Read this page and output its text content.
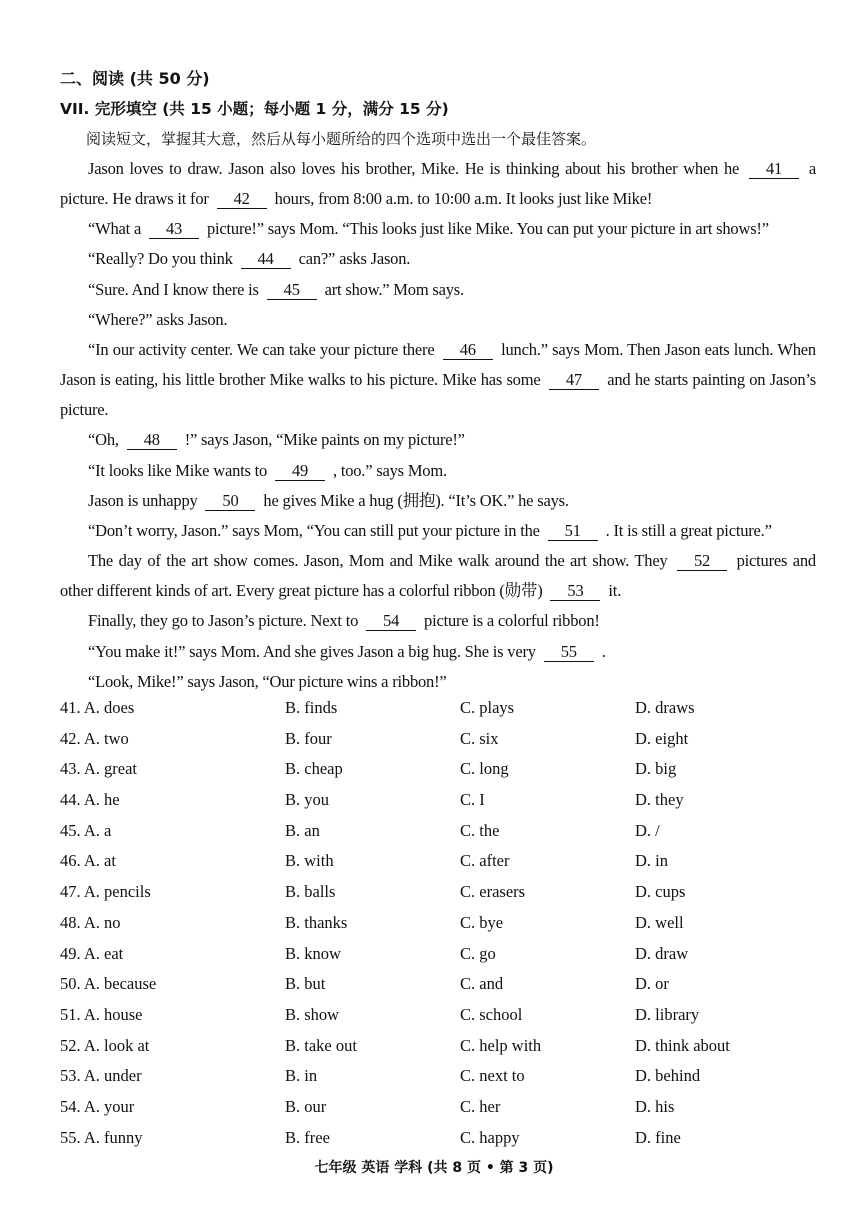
二、阅读 (共 50 分)
VII. 完形填空 (共 15 小题；每小题 1 分，满分 15 分)
阅读短文，掌握其大意，然后从每小题所给的四个选项中选出一个最佳答案。

Jason loves to draw. Jason also loves his brother, Mike. He is thinking about his brother when he 41 a picture. He draws it for 42 hours, from 8:00 a.m. to 10:00 a.m. It looks just like Mike!

“What a 43 picture!” says Mom. “This looks just like Mike. You can put your picture in art shows!”

“Really? Do you think 44 can?” asks Jason.

“Sure. And I know there is 45 art show.” Mom says.

“Where?” asks Jason.

“In our activity center. We can take your picture there 46 lunch.” says Mom. Then Jason eats lunch. When Jason is eating, his little brother Mike walks to his picture. Mike has some 47 and he starts painting on Jason’s picture.

“Oh, 48 !” says Jason, “Mike paints on my picture!”

“It looks like Mike wants to 49 , too.” says Mom.

Jason is unhappy 50 he gives Mike a hug (拥抱). “It’s OK.” he says.

“Don’t worry, Jason.” says Mom, “You can still put your picture in the 51 . It is still a great picture.”

The day of the art show comes. Jason, Mom and Mike walk around the art show. They 52 pictures and other different kinds of art. Every great picture has a colorful ribbon (勋带) 53 it.

Finally, they go to Jason’s picture. Next to 54 picture is a colorful ribbon!

“You make it!” says Mom. And she gives Jason a big hug. She is very 55 .

“Look, Mike!” says Jason, “Our picture wins a ribbon!”

41. A. does	B. finds	C. plays	D. draws
42. A. two	B. four	C. six	D. eight
43. A. great	B. cheap	C. long	D. big
44. A. he	B. you	C. I	D. they
45. A. a	B. an	C. the	D. /
46. A. at	B. with	C. after	D. in
47. A. pencils	B. balls	C. erasers	D. cups
48. A. no	B. thanks	C. bye	D. well
49. A. eat	B. know	C. go	D. draw
50. A. because	B. but	C. and	D. or
51. A. house	B. show	C. school	D. library
52. A. look at	B. take out	C. help with	D. think about
53. A. under	B. in	C. next to	D. behind
54. A. your	B. our	C. her	D. his
55. A. funny	B. free	C. happy	D. fine
七年级 英语 学科 (共 8 页 • 第 3 页)
